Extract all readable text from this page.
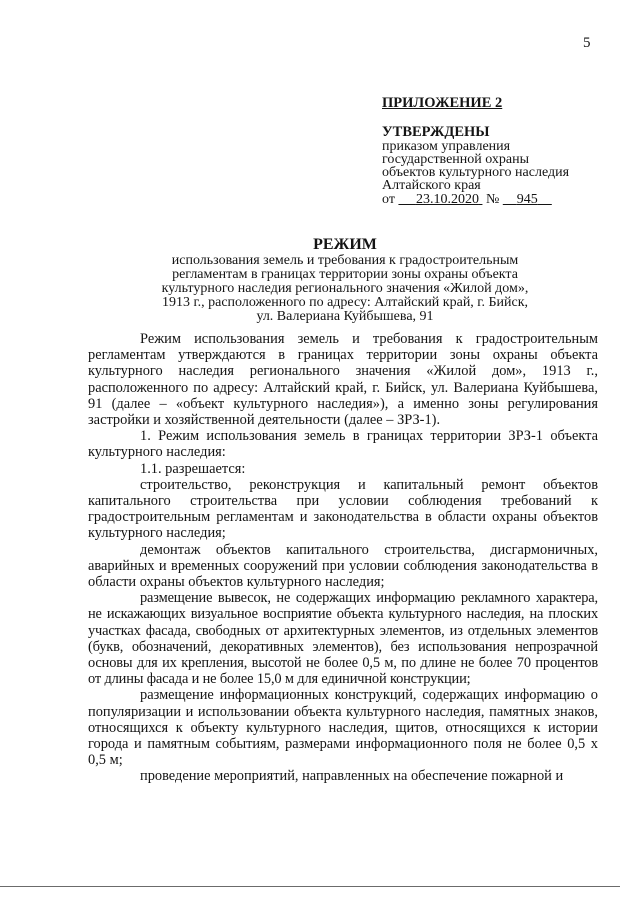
5
ПРИЛОЖЕНИЕ 2
УТВЕРЖДЕНЫ
приказом управления
государственной охраны
объектов культурного наследия
Алтайского края
от 23.10.2020 № 945
РЕЖИМ
использования земель и требования к градостроительным
регламентам в границах территории зоны охраны объекта
культурного наследия регионального значения «Жилой дом»,
1913 г., расположенного по адресу: Алтайский край, г. Бийск,
ул. Валериана Куйбышева, 91

Режим использования земель и требования к градостроительным регламентам утверждаются в границах территории зоны охраны объекта культурного наследия регионального значения «Жилой дом», 1913 г., расположенного по адресу: Алтайский край, г. Бийск, ул. Валериана Куйбышева, 91 (далее – «объект культурного наследия»), а именно зоны регулирования застройки и хозяйственной деятельности (далее – ЗРЗ-1).

1. Режим использования земель в границах территории ЗРЗ-1 объекта культурного наследия:

1.1. разрешается:

строительство, реконструкция и капитальный ремонт объектов капитального строительства при условии соблюдения требований к градостроительным регламентам и законодательства в области охраны объектов культурного наследия;

демонтаж объектов капитального строительства, дисгармоничных, аварийных и временных сооружений при условии соблюдения законодательства в области охраны объектов культурного наследия;

размещение вывесок, не содержащих информацию рекламного характера, не искажающих визуальное восприятие объекта культурного наследия, на плоских участках фасада, свободных от архитектурных элементов, из отдельных элементов (букв, обозначений, декоративных элементов), без использования непрозрачной основы для их крепления, высотой не более 0,5 м, по длине не более 70 процентов от длины фасада и не более 15,0 м для единичной конструкции;

размещение информационных конструкций, содержащих информацию о популяризации и использовании объекта культурного наследия, памятных знаков, относящихся к объекту культурного наследия, щитов, относящихся к истории города и памятным событиям, размерами информационного поля не более 0,5 х 0,5 м;

проведение мероприятий, направленных на обеспечение пожарной и
